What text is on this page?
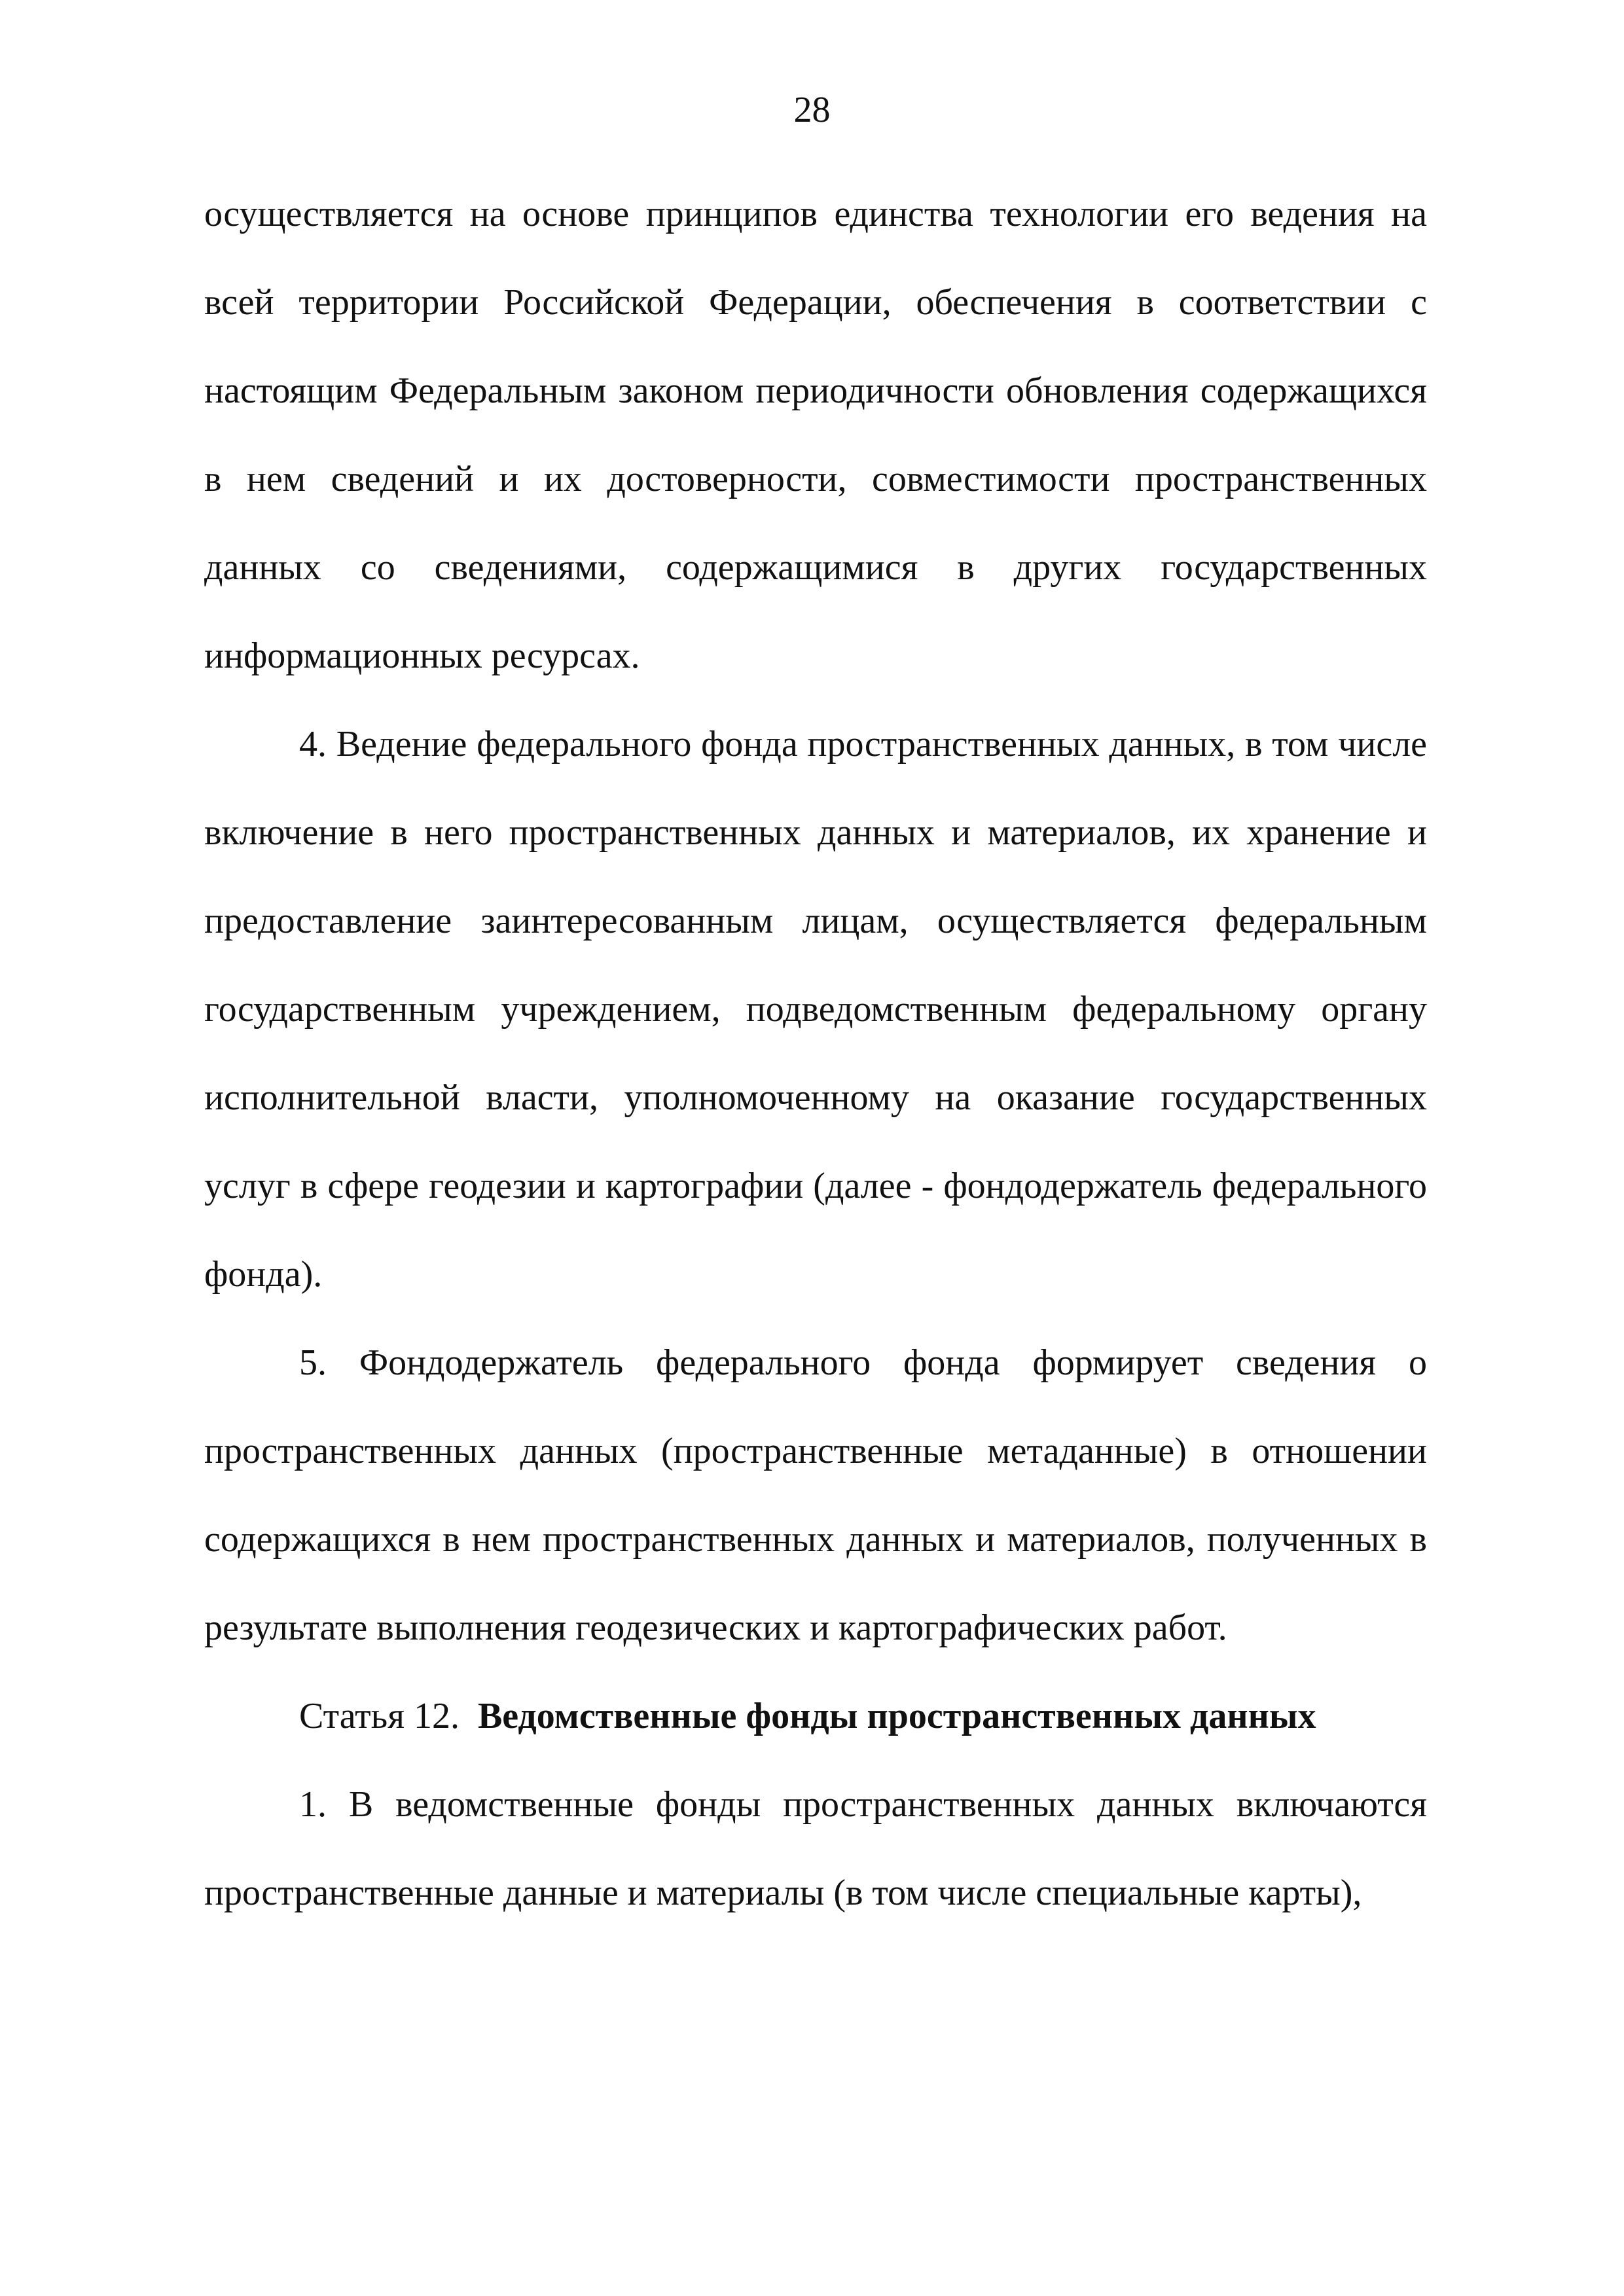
28

осуществляется на основе принципов единства технологии его ведения на всей территории Российской Федерации, обеспечения в соответствии с настоящим Федеральным законом периодичности обновления содержащихся в нем сведений и их достоверности, совместимости пространственных данных со сведениями, содержащимися в других государственных информационных ресурсах.

4. Ведение федерального фонда пространственных данных, в том числе включение в него пространственных данных и материалов, их хранение и предоставление заинтересованным лицам, осуществляется федеральным государственным учреждением, подведомственным федеральному органу исполнительной власти, уполномоченному на оказание государственных услуг в сфере геодезии и картографии (далее - фондодержатель федерального фонда).

5. Фондодержатель федерального фонда формирует сведения о пространственных данных (пространственные метаданные) в отношении содержащихся в нем пространственных данных и материалов, полученных в результате выполнения геодезических и картографических работ.

Статья 12. Ведомственные фонды пространственных данных

1. В ведомственные фонды пространственных данных включаются пространственные данные и материалы (в том числе специальные карты),
